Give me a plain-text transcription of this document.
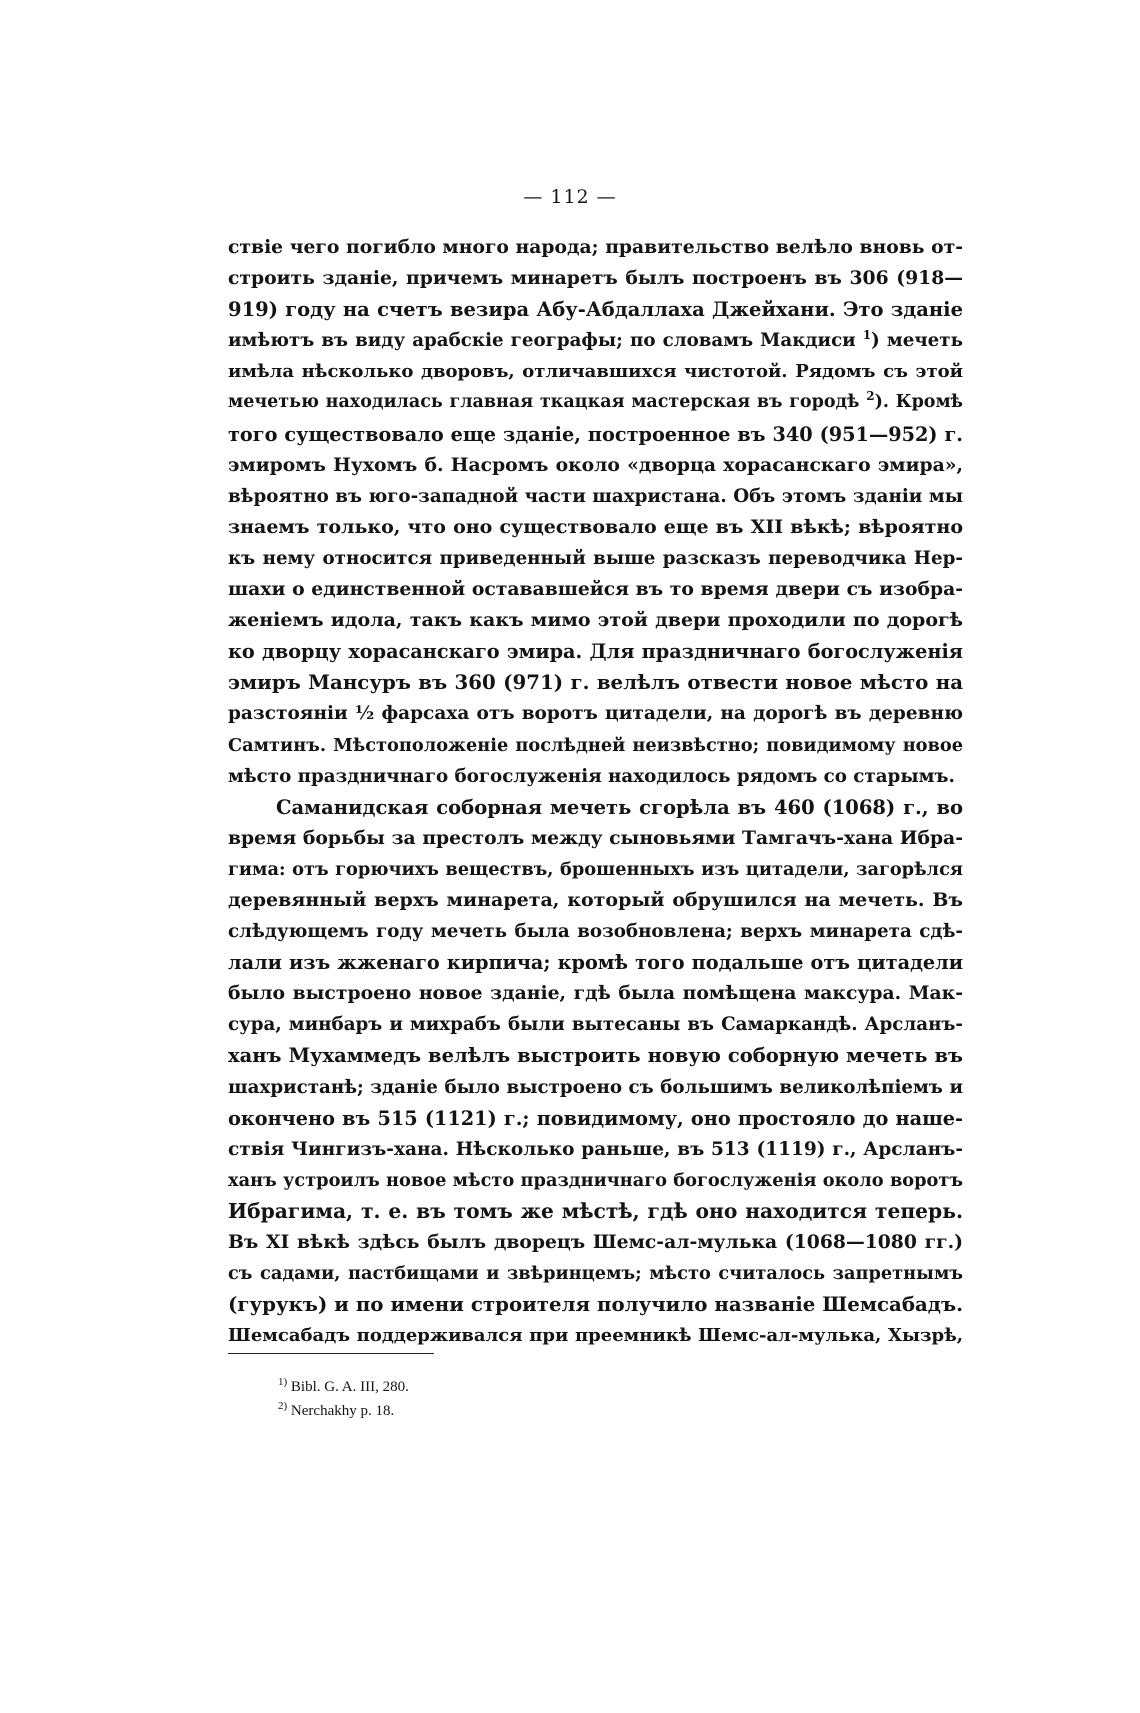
— 112 —
ствіе чего погибло много народа; правительство велѣло вновь от-
строить зданіе, причемъ минаретъ былъ построенъ въ 306 (918—
919) году на счетъ везира Абу-Абдаллаха Джейхани. Это зданіе
имѣютъ въ виду арабскіе географы; по словамъ Макдиси $^1$) мечеть
имѣла нѣсколько дворовъ, отличавшихся чистотой. Рядомъ съ этой
мечетью находилась главная ткацкая мастерская въ городѣ $^2$). Кромѣ
того существовало еще зданіе, построенное въ 340 (951—952) г.
эмиромъ Нухомъ б. Насромъ около «дворца хорасанскаго эмира»,
вѣроятно въ юго-западной части шахристана. Объ этомъ зданіи мы
знаемъ только, что оно существовало еще въ XII вѣкѣ; вѣроятно
къ нему относится приведенный выше разсказъ переводчика Нер-
шахи о единственной остававшейся въ то время двери съ изобра-
женіемъ идола, такъ какъ мимо этой двери проходили по дорогѣ
ко дворцу хорасанскаго эмира. Для праздничнаго богослуженія
эмиръ Мансуръ въ 360 (971) г. велѣлъ отвести новое мѣсто на
разстояніи ½ фарсаха отъ воротъ цитадели, на дорогѣ въ деревню
Самтинъ. Мѣстоположеніе послѣдней неизвѣстно; повидимому новое
мѣсто праздничнаго богослуженія находилось рядомъ со старымъ.
Саманидская соборная мечеть сгорѣла въ 460 (1068) г., во
время борьбы за престолъ между сыновьями Тамгачъ-хана Ибра-
гима: отъ горючихъ веществъ, брошенныхъ изъ цитадели, загорѣлся
деревянный верхъ минарета, который обрушился на мечеть. Въ
слѣдующемъ году мечеть была возобновлена; верхъ минарета сдѣ-
лали изъ жженаго кирпича; кромѣ того подальше отъ цитадели
было выстроено новое зданіе, гдѣ была помѣщена максура. Мак-
сура, минбаръ и михрабъ были вытесаны въ Самаркандѣ. Арсланъ-
ханъ Мухаммедъ велѣлъ выстроить новую соборную мечеть въ
шахристанѣ; зданіе было выстроено съ большимъ великолѣпіемъ и
окончено въ 515 (1121) г.; повидимому, оно простояло до наше-
ствія Чингизъ-хана. Нѣсколько раньше, въ 513 (1119) г., Арсланъ-
ханъ устроилъ новое мѣсто праздничнаго богослуженія около воротъ
Ибрагима, т. е. въ томъ же мѣстѣ, гдѣ оно находится теперь.
Въ XI вѣкѣ здѣсь былъ дворецъ Шемс-ал-мулька (1068—1080 гг.)
съ садами, пастбищами и звѣринцемъ; мѣсто считалось запретнымъ
(гурукъ) и по имени строителя получило названіе Шемсабадъ.
Шемсабадъ поддерживался при преемникѣ Шемс-ал-мулька, Хызрѣ,
$^{1)}$ Bibl. G. A. III, 280.
$^{2)}$ Nerchakhy p. 18.
